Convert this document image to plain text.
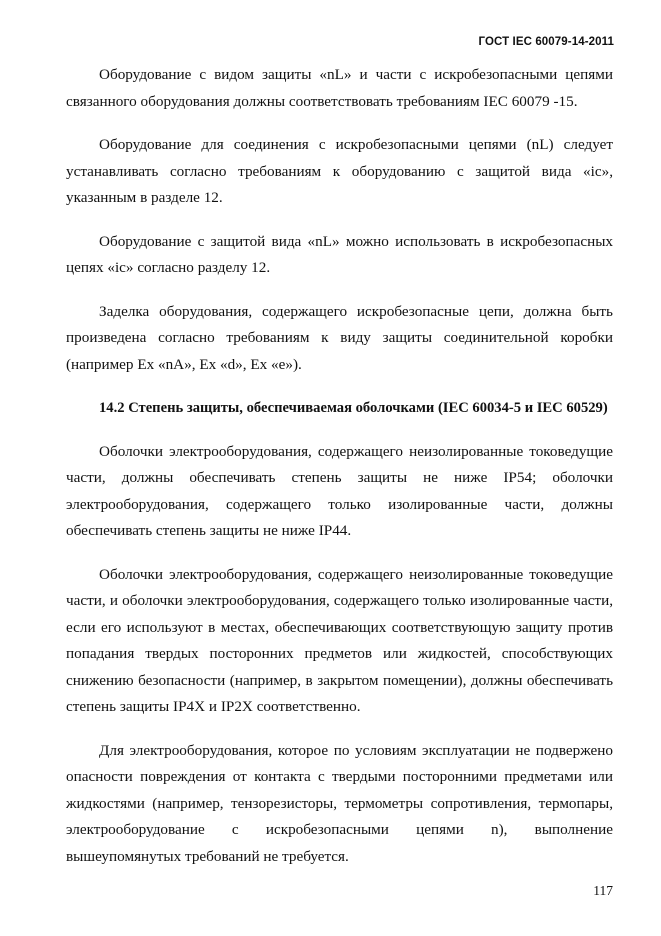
ГОСТ IEC 60079-14-2011

Оборудование с видом защиты «nL» и части с искробезопасными цепями связанного оборудования должны соответствовать требованиям IEC 60079 -15.

Оборудование для соединения с искробезопасными цепями (nL) следует устанавливать согласно требованиям к оборудованию с защитой вида «ic», указанным в разделе 12.

Оборудование с защитой вида «nL» можно использовать в искробезопасных цепях «ic» согласно разделу 12.

Заделка оборудования, содержащего искробезопасные цепи, должна быть произведена согласно требованиям к виду защиты соединительной коробки (например Ex «nA», Ex «d», Ex «e»).

14.2 Степень защиты, обеспечиваемая оболочками (IEC 60034-5 и IEC 60529)

Оболочки электрооборудования, содержащего неизолированные токоведущие части, должны обеспечивать степень защиты не ниже IP54; оболочки электрооборудования, содержащего только изолированные части, должны обеспечивать степень защиты не ниже IP44.

Оболочки электрооборудования, содержащего неизолированные токоведущие части, и оболочки электрооборудования, содержащего только изолированные части, если его используют в местах, обеспечивающих соответствующую защиту против попадания твердых посторонних предметов или жидкостей, способствующих снижению безопасности (например, в закрытом помещении), должны обеспечивать степень защиты IP4X и IP2X соответственно.

Для электрооборудования, которое по условиям эксплуатации не подвержено опасности повреждения от контакта с твердыми посторонними предметами или жидкостями (например, тензорезисторы, термометры сопротивления, термопары, электрооборудование с искробезопасными цепями n), выполнение вышеупомянутых требований не требуется.

117
